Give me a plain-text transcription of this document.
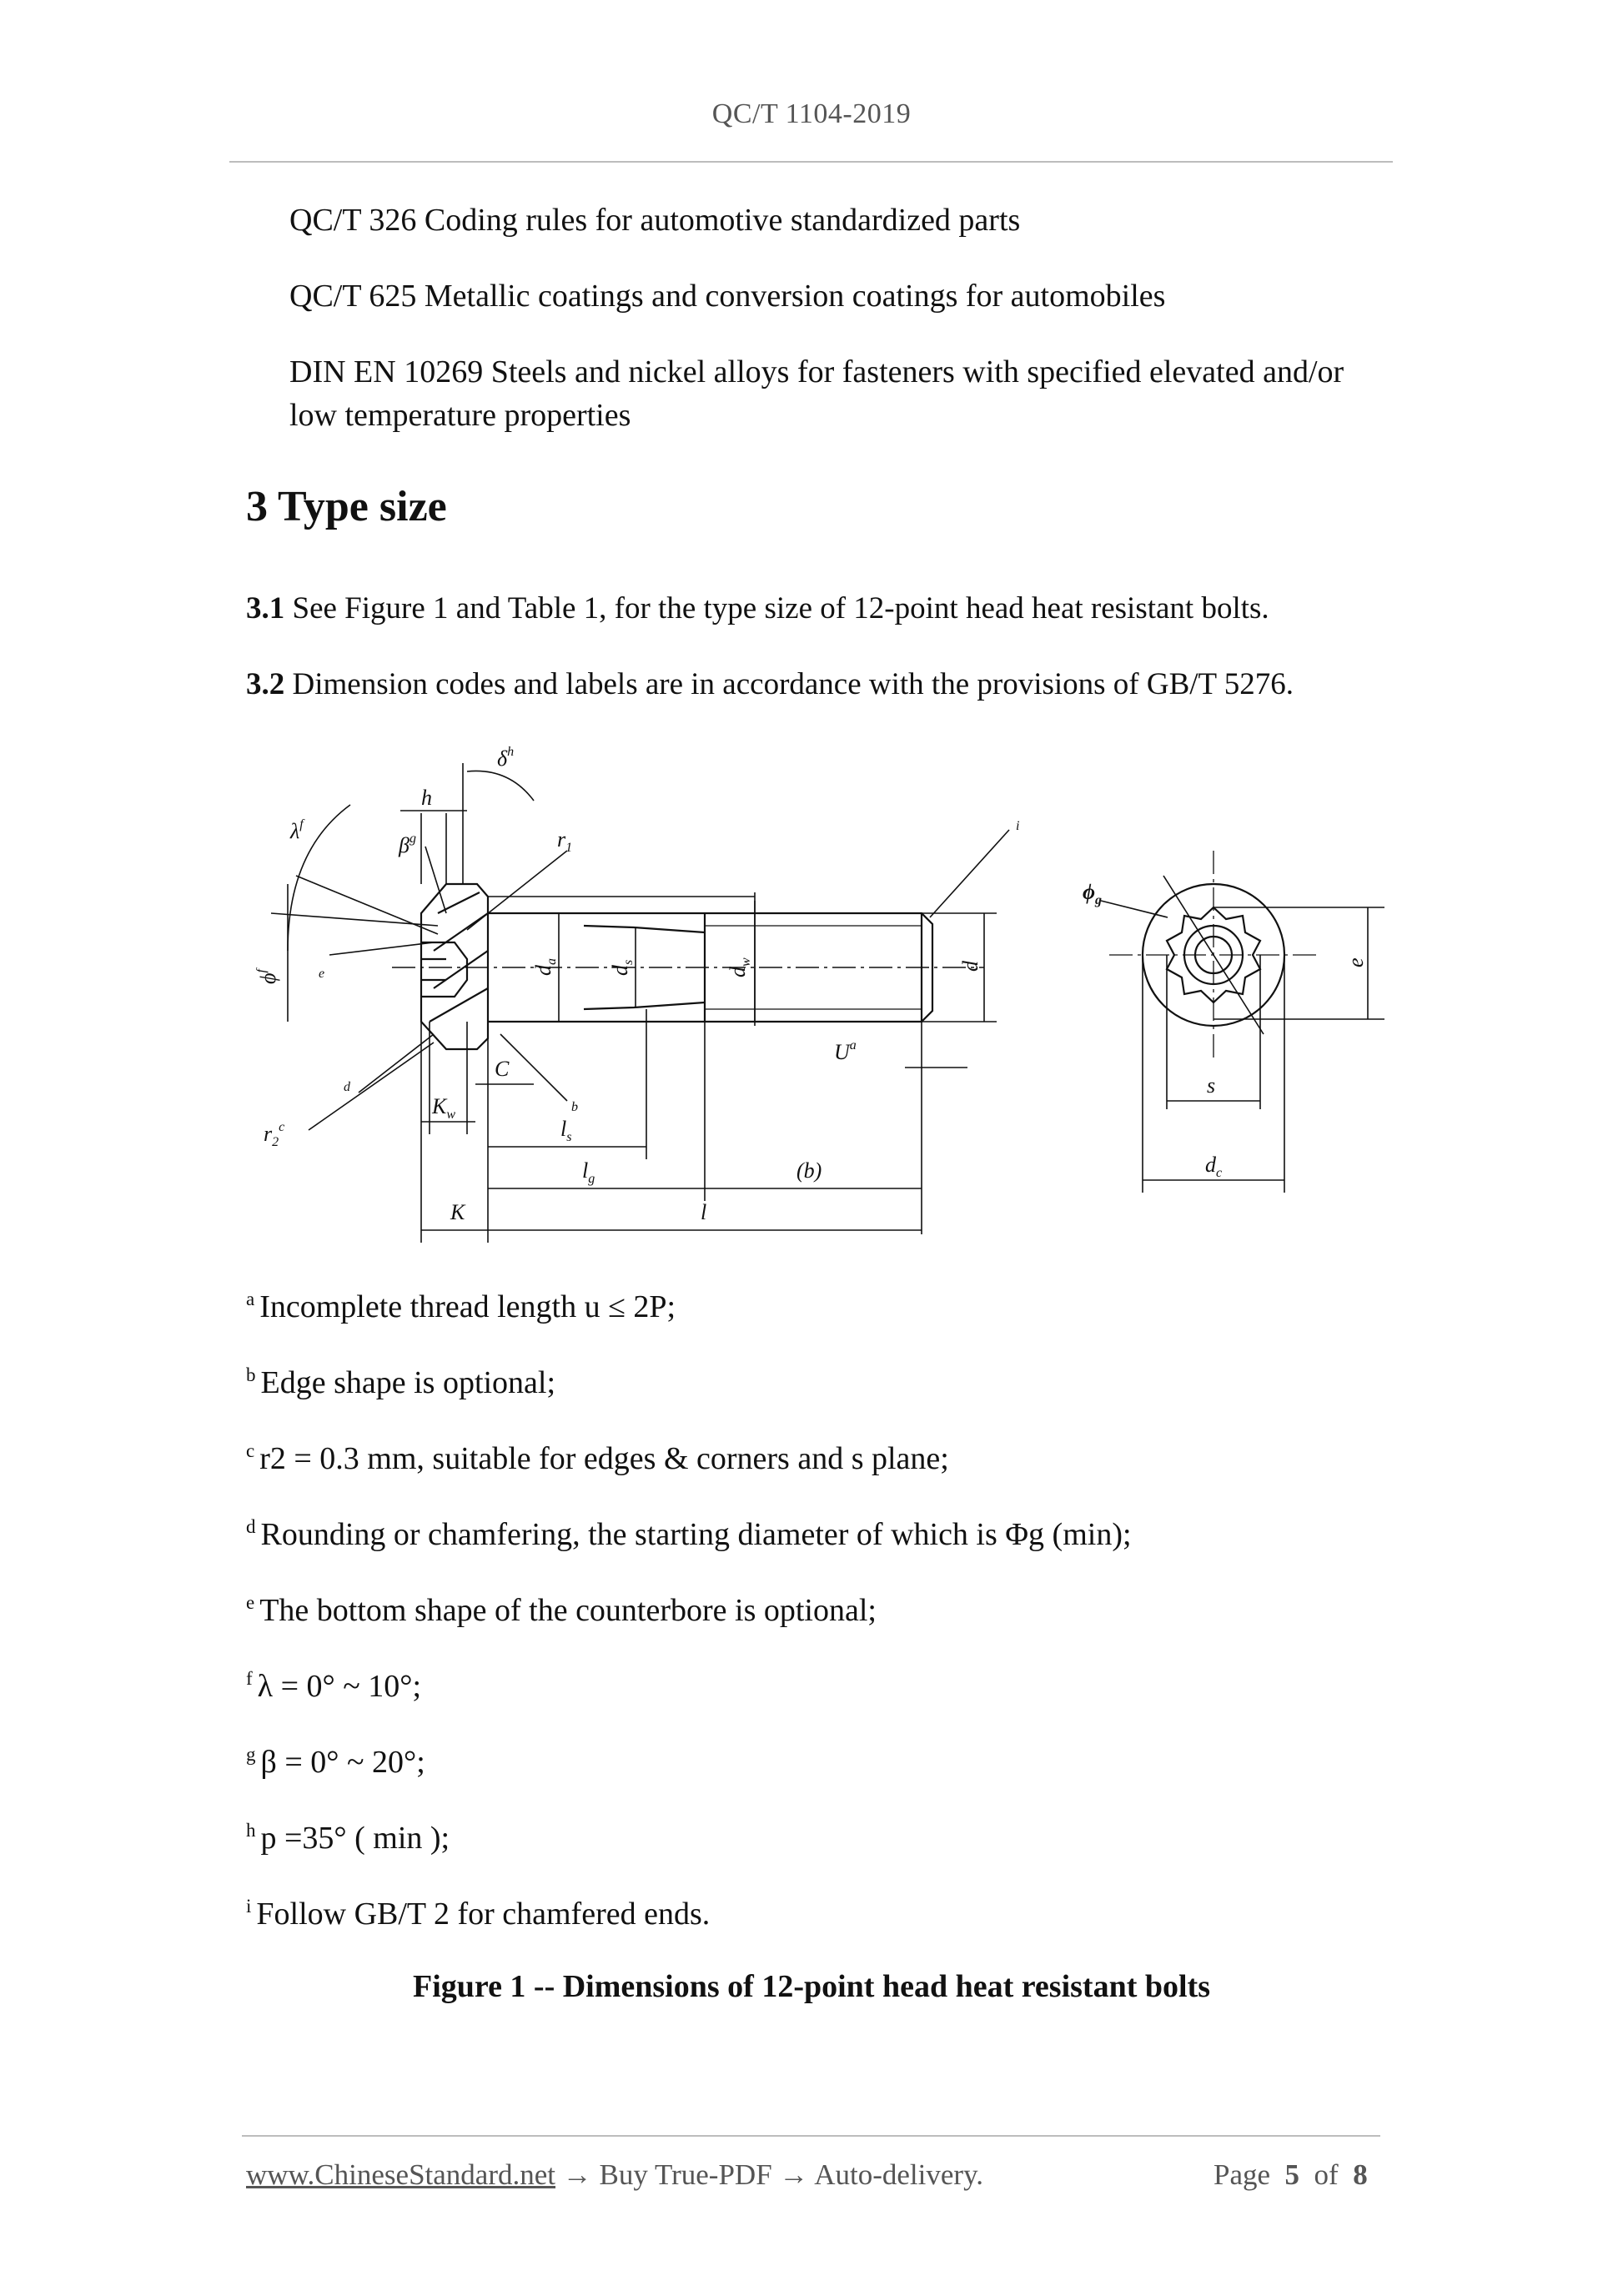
QC/T 1104-2019
QC/T 326 Coding rules for automotive standardized parts
QC/T 625 Metallic coatings and conversion coatings for automobiles
DIN EN 10269 Steels and nickel alloys for fasteners with specified elevated and/or
low temperature properties
3 Type size
3.1 See Figure 1 and Table 1, for the type size of 12-point head heat resistant bolts.
3.2 Dimension codes and labels are in accordance with the provisions of GB/T 5276.
$\delta^h$
h
$\lambda^f$
$\beta^g$	$r_1$
i
$\phi^f$	e	$d_a$
$d_s$
$d_w$	d
C
$U^a$
d
b
$K_w$
$r_2^c$	$l_s$
$l_g$	(b)
K	l
$\phi_g$
e
s
$d_c$
$^a$ Incomplete thread length u ≤ 2P;
$^b$ Edge shape is optional;
$^c$ r2 = 0.3 mm, suitable for edges & corners and s plane;
$^d$ Rounding or chamfering, the starting diameter of which is Φg (min);
$^e$ The bottom shape of the counterbore is optional;
$^f$ λ = 0° ~ 10°;
$^g$ β = 0° ~ 20°;
$^h$ p =35° ( min );
$^i$ Follow GB/T 2 for chamfered ends.
Figure 1 -- Dimensions of 12-point head heat resistant bolts
www.ChineseStandard.net → Buy True-PDF → Auto-delivery.	Page 5 of 8
